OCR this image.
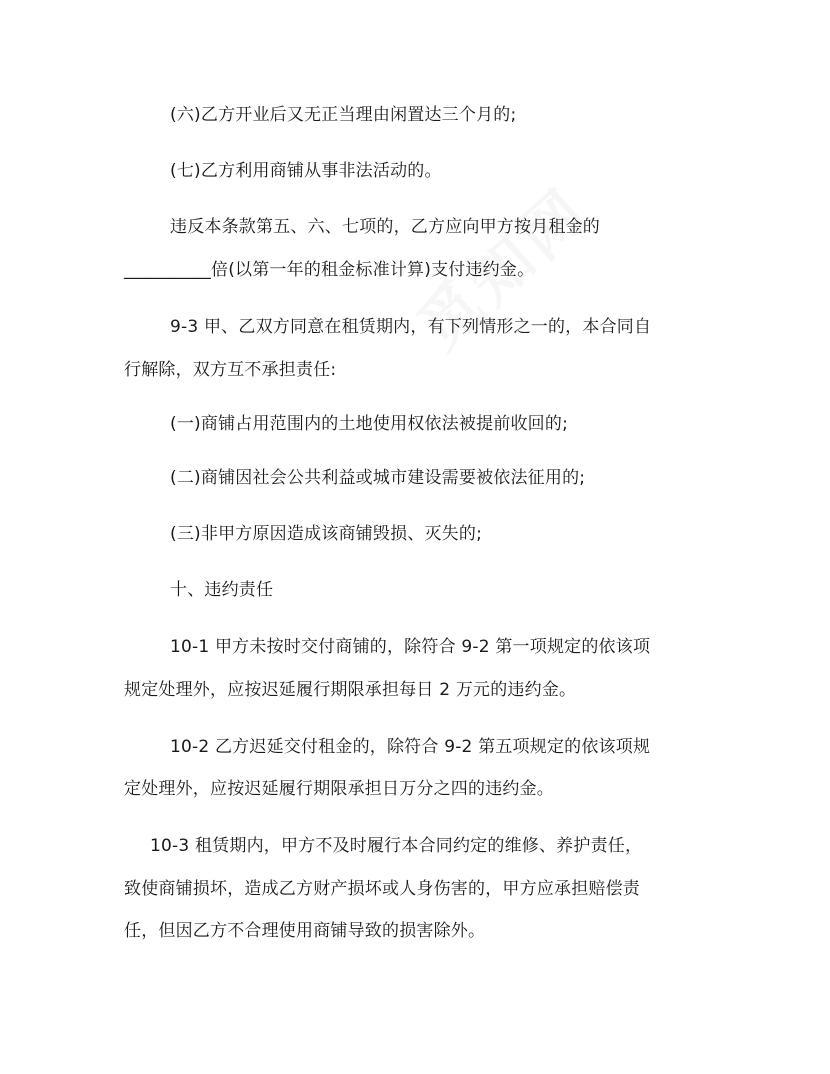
(六)乙方开业后又无正当理由闲置达三个月的;
(七)乙方利用商铺从事非法活动的。
违反本条款第五、六、七项的，乙方应向甲方按月租金的
__________倍(以第一年的租金标准计算)支付违约金。
9-3 甲、乙双方同意在租赁期内，有下列情形之一的，本合同自
行解除，双方互不承担责任:
(一)商铺占用范围内的土地使用权依法被提前收回的;
(二)商铺因社会公共利益或城市建设需要被依法征用的;
(三)非甲方原因造成该商铺毁损、灭失的;
十、违约责任
10-1 甲方未按时交付商铺的，除符合 9-2 第一项规定的依该项
规定处理外，应按迟延履行期限承担每日 2 万元的违约金。
10-2 乙方迟延交付租金的，除符合 9-2 第五项规定的依该项规
定处理外，应按迟延履行期限承担日万分之四的违约金。
10-3 租赁期内，甲方不及时履行本合同约定的维修、养护责任，
致使商铺损坏，造成乙方财产损坏或人身伤害的，甲方应承担赔偿责
任，但因乙方不合理使用商铺导致的损害除外。
